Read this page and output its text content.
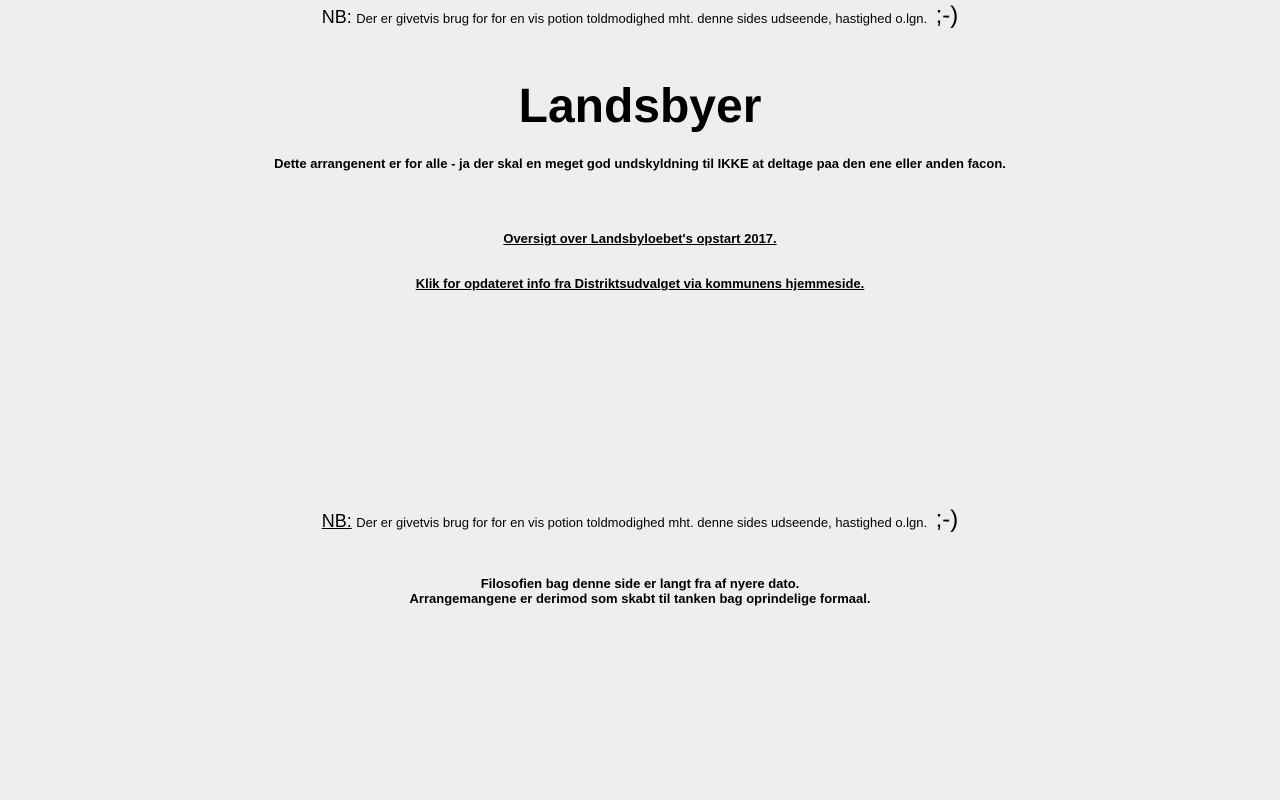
NB: Der er givetvis brug for for en vis potion toldmodighed mht. denne sides udseende, hastighed o.lgn. ;-)
Landsbyer
Dette arrangenent er for alle - ja der skal en meget god undskyldning til IKKE at deltage paa den ene eller anden facon.
Oversigt over Landsbyloebet's opstart 2017.
Klik for opdateret info fra Distriktsudvalget via kommunens hjemmeside.
NB: Der er givetvis brug for for en vis potion toldmodighed mht. denne sides udseende, hastighed o.lgn. ;-)
Filosofien bag denne side er langt fra af nyere dato.
Arrangemangene er derimod som skabt til tanken bag oprindelige formaal.
